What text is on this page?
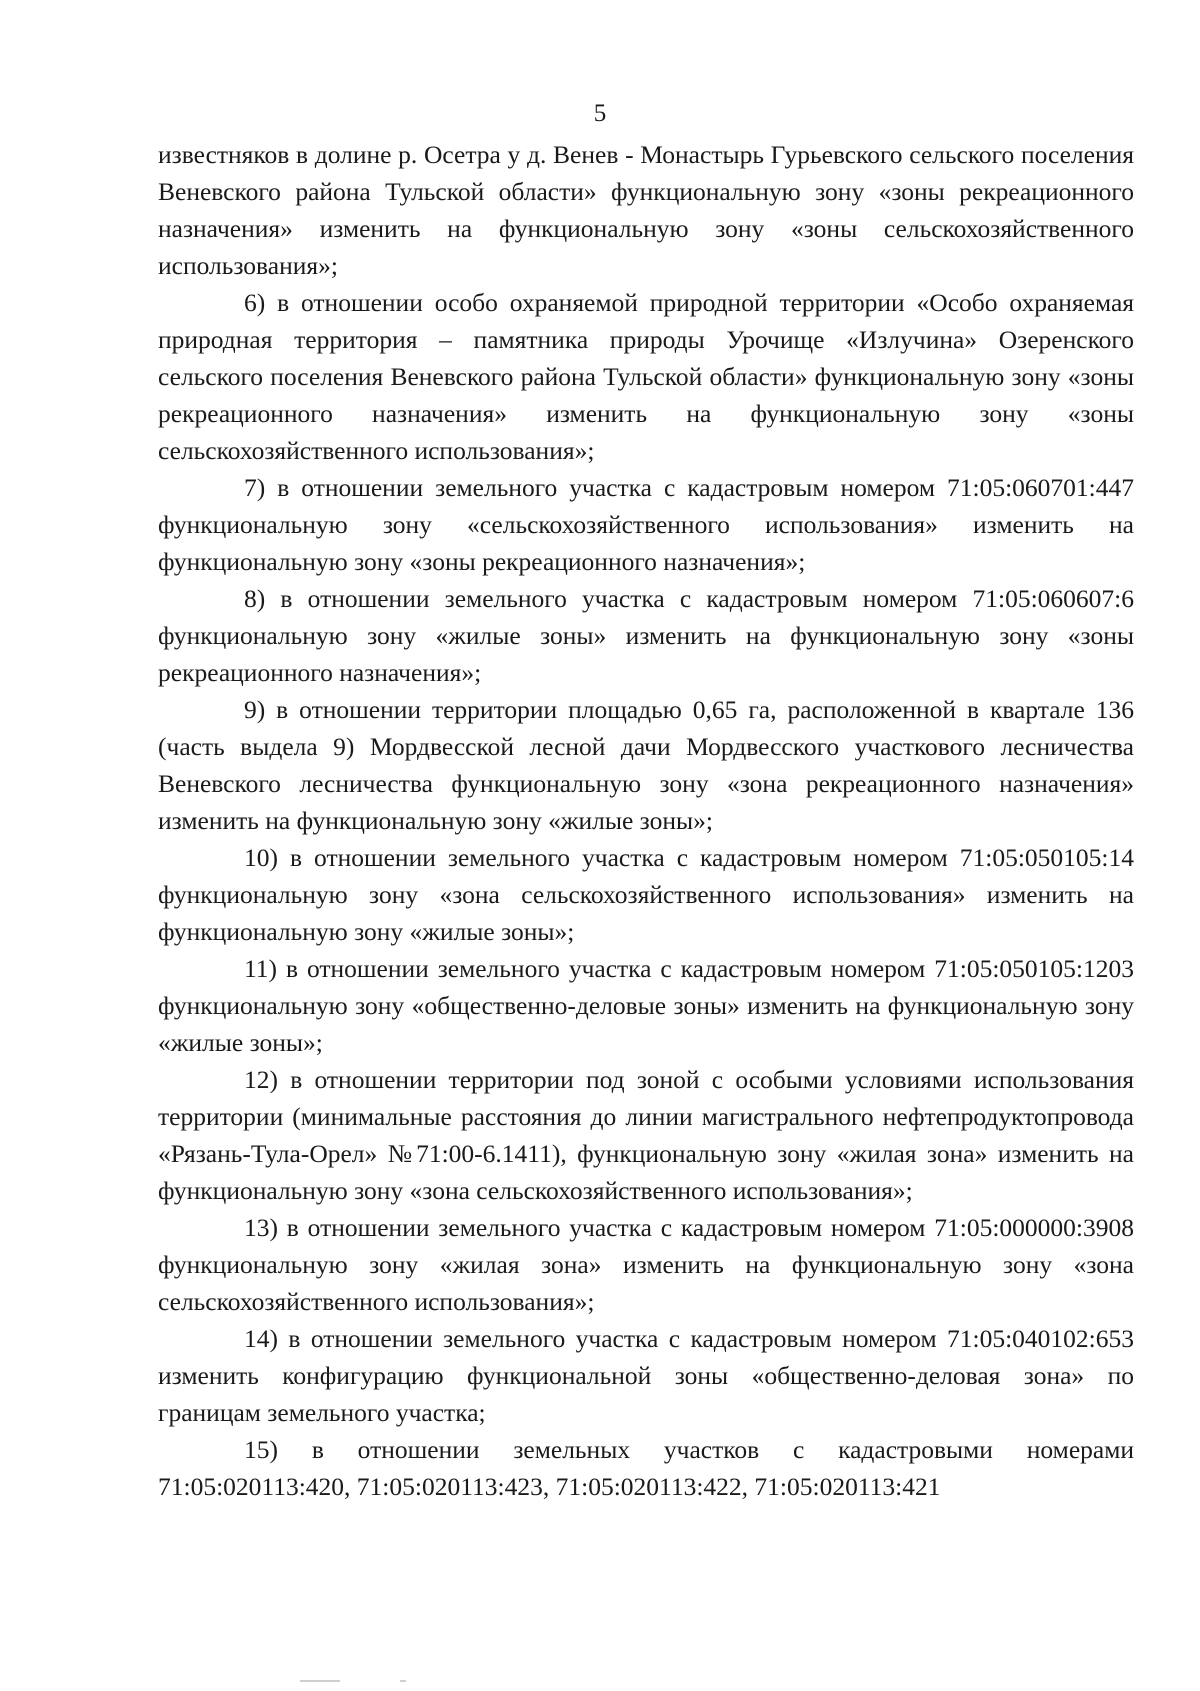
5

известняков в долине р. Осетра у д. Венев - Монастырь Гурьевского сельского поселения Веневского района Тульской области» функциональную зону «зоны рекреационного назначения» изменить на функциональную зону «зоны сельскохозяйственного использования»;

6) в отношении особо охраняемой природной территории «Особо охраняемая природная территория – памятника природы Урочище «Излучина» Озеренского сельского поселения Веневского района Тульской области» функциональную зону «зоны рекреационного назначения» изменить на функциональную зону «зоны сельскохозяйственного использования»;

7) в отношении земельного участка с кадастровым номером 71:05:060701:447 функциональную зону «сельскохозяйственного использования» изменить на функциональную зону «зоны рекреационного назначения»;

8) в отношении земельного участка с кадастровым номером 71:05:060607:6 функциональную зону «жилые зоны» изменить на функциональную зону «зоны рекреационного назначения»;

9) в отношении территории площадью 0,65 га, расположенной в квартале 136 (часть выдела 9) Мордвесской лесной дачи Мордвесского участкового лесничества Веневского лесничества функциональную зону «зона рекреационного назначения» изменить на функциональную зону «жилые зоны»;

10) в отношении земельного участка с кадастровым номером 71:05:050105:14 функциональную зону «зона сельскохозяйственного использования» изменить на функциональную зону «жилые зоны»;

11) в отношении земельного участка с кадастровым номером 71:05:050105:1203 функциональную зону «общественно-деловые зоны» изменить на функциональную зону «жилые зоны»;

12) в отношении территории под зоной с особыми условиями использования территории (минимальные расстояния до линии магистрального нефтепродуктопровода «Рязань-Тула-Орел» №71:00-6.1411), функциональную зону «жилая зона» изменить на функциональную зону «зона сельскохозяйственного использования»;

13) в отношении земельного участка с кадастровым номером 71:05:000000:3908 функциональную зону «жилая зона» изменить на функциональную зону «зона сельскохозяйственного использования»;

14) в отношении земельного участка с кадастровым номером 71:05:040102:653 изменить конфигурацию функциональной зоны «общественно-деловая зона» по границам земельного участка;

15) в отношении земельных участков с кадастровыми номерами 71:05:020113:420, 71:05:020113:423, 71:05:020113:422, 71:05:020113:421
